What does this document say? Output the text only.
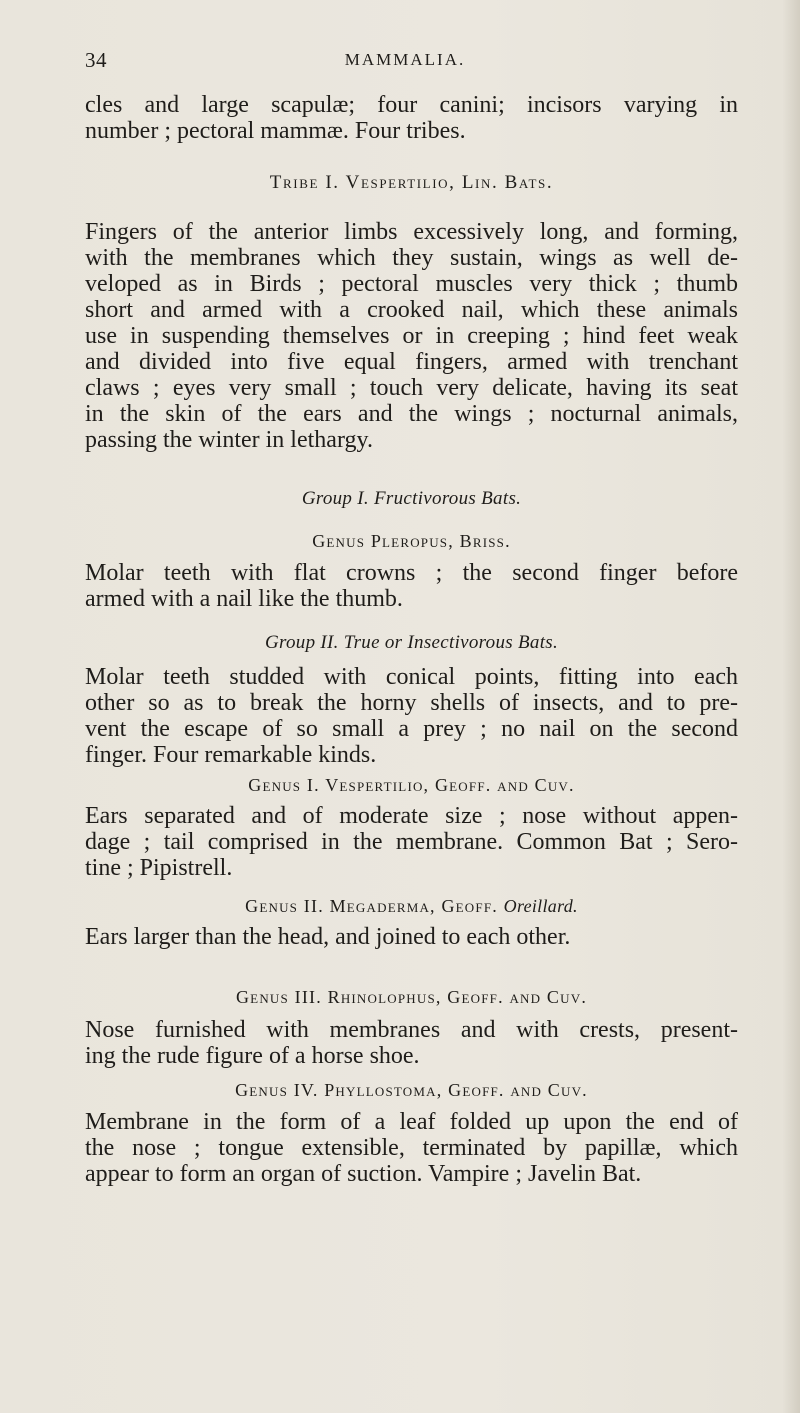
34	MAMMALIA.
cles and large scapulæ; four canini; incisors varying in
number ; pectoral mammæ. Four tribes.
Tribe I. Vespertilio, Lin. Bats.
Fingers of the anterior limbs excessively long, and forming,
with the membranes which they sustain, wings as well de-
veloped as in Birds ; pectoral muscles very thick ; thumb
short and armed with a crooked nail, which these animals
use in suspending themselves or in creeping ; hind feet weak
and divided into five equal fingers, armed with trenchant
claws ; eyes very small ; touch very delicate, having its seat
in the skin of the ears and the wings ; nocturnal animals,
passing the winter in lethargy.
Group I. Fructivorous Bats.
Genus Pleropus, Briss.
Molar teeth with flat crowns ; the second finger before
armed with a nail like the thumb.
Group II. True or Insectivorous Bats.
Molar teeth studded with conical points, fitting into each
other so as to break the horny shells of insects, and to pre-
vent the escape of so small a prey ; no nail on the second
finger. Four remarkable kinds.
Genus I. Vespertilio, Geoff. and Cuv.
Ears separated and of moderate size ; nose without appen-
dage ; tail comprised in the membrane. Common Bat ; Sero-
tine ; Pipistrell.
Genus II. Megaderma, Geoff. Oreillard.
Ears larger than the head, and joined to each other.
Genus III. Rhinolophus, Geoff. and Cuv.
Nose furnished with membranes and with crests, present-
ing the rude figure of a horse shoe.
Genus IV. Phyllostoma, Geoff. and Cuv.
Membrane in the form of a leaf folded up upon the end of
the nose ; tongue extensible, terminated by papillæ, which
appear to form an organ of suction. Vampire ; Javelin Bat.
